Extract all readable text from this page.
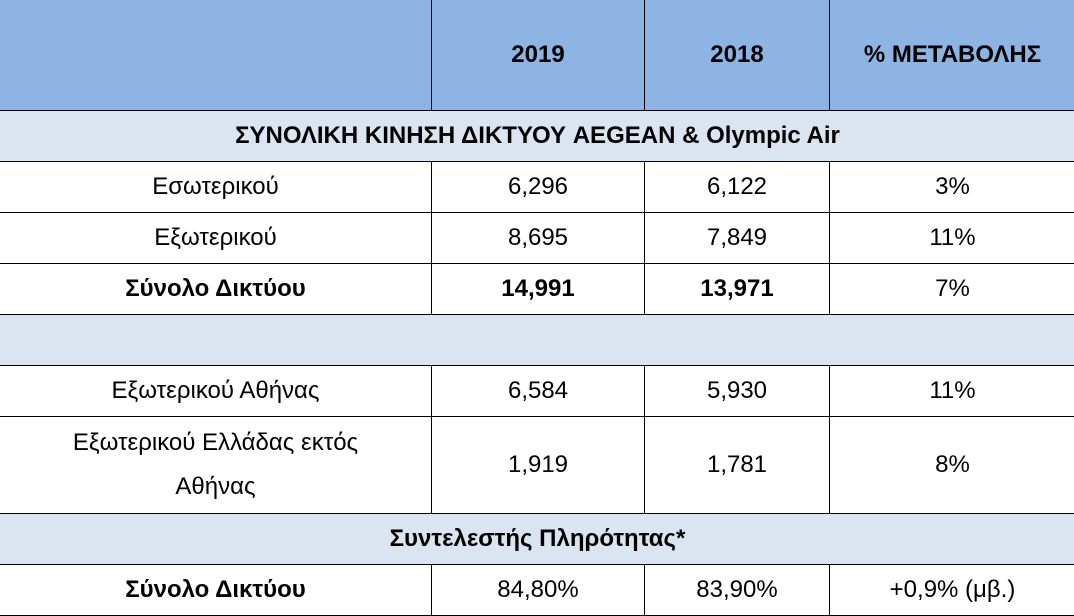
	2019	2018	% ΜΕΤΑΒΟΛΗΣ
ΣΥΝΟΛΙΚΗ ΚΙΝΗΣΗ ΔΙΚΤΥΟΥ AEGEAN & Olympic Air			
Εσωτερικού	6,296	6,122	3%
Εξωτερικού	8,695	7,849	11%
Σύνολο Δικτύου	14,991	13,971	7%

Εξωτερικού Αθήνας	6,584	5,930	11%
Εξωτερικού Ελλάδας εκτός
Αθήνας	1,919	1,781	8%
Συντελεστής Πληρότητας*			
Σύνολο Δικτύου	84,80%	83,90%	+0,9% (μβ.)
